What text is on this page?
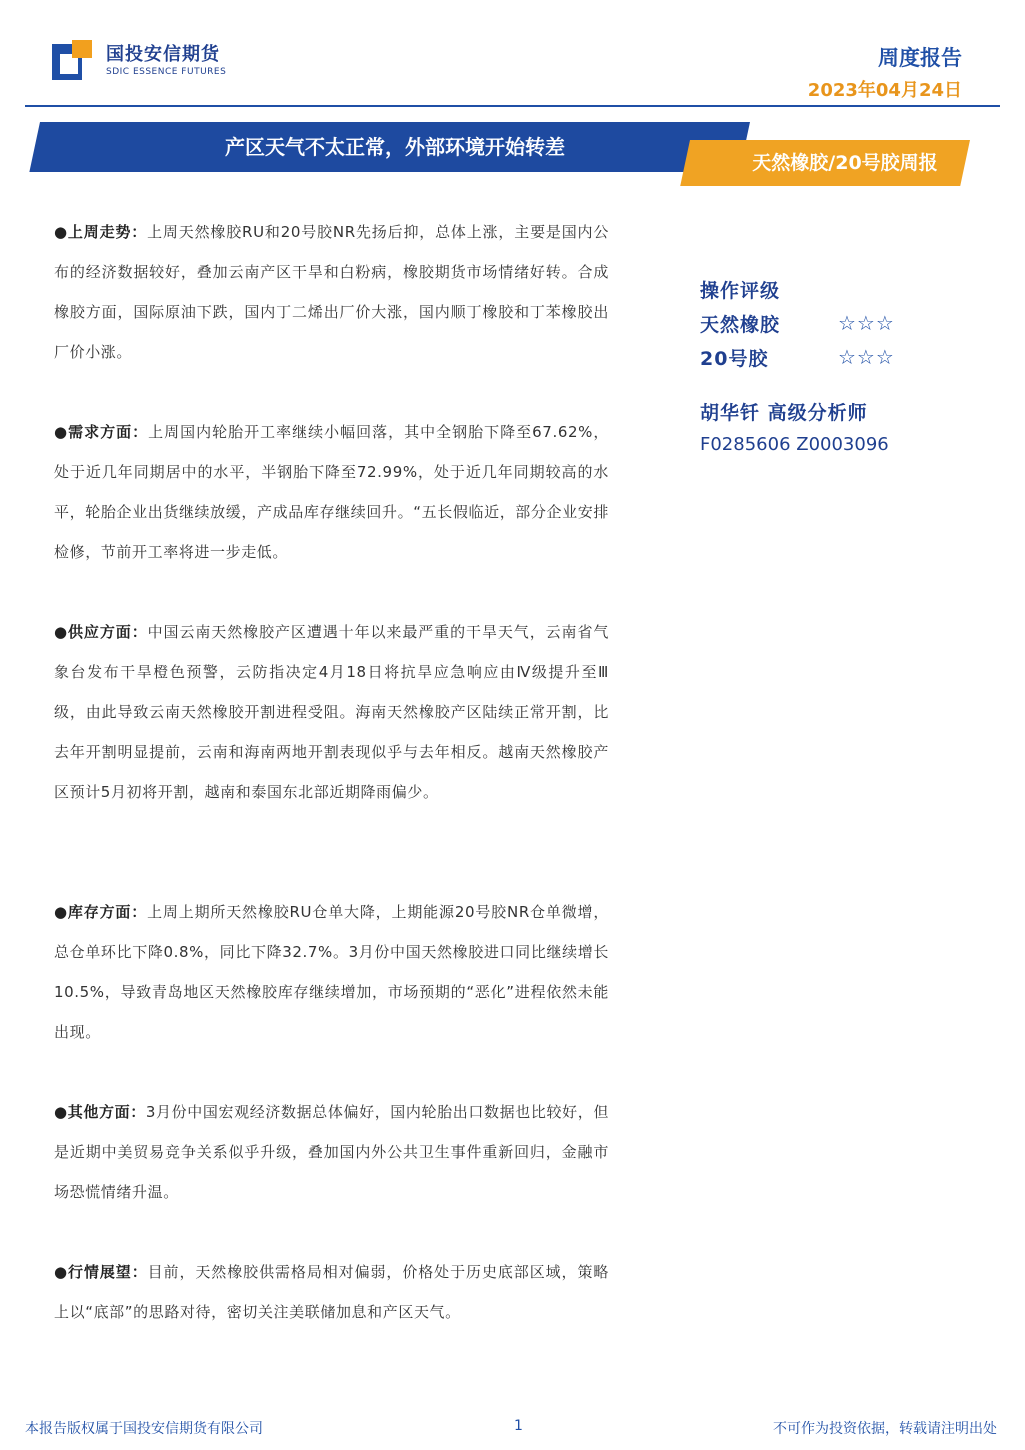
国投安信期货
SDIC ESSENCE FUTURES
周度报告
2023年04月24日
产区天气不太正常，外部环境开始转差
天然橡胶/20号胶周报
●上周走势：上周天然橡胶RU和20号胶NR先扬后抑，总体上涨，主要是国内公布的经济数据较好，叠加云南产区干旱和白粉病，橡胶期货市场情绪好转。合成橡胶方面，国际原油下跌，国内丁二烯出厂价大涨，国内顺丁橡胶和丁苯橡胶出厂价小涨。
●需求方面：上周国内轮胎开工率继续小幅回落，其中全钢胎下降至67.62%，处于近几年同期居中的水平，半钢胎下降至72.99%，处于近几年同期较高的水平，轮胎企业出货继续放缓，产成品库存继续回升。“五长假临近，部分企业安排检修，节前开工率将进一步走低。
●供应方面：中国云南天然橡胶产区遭遇十年以来最严重的干旱天气，云南省气象台发布干旱橙色预警，云防指决定4月18日将抗旱应急响应由Ⅳ级提升至Ⅲ级，由此导致云南天然橡胶开割进程受阻。海南天然橡胶产区陆续正常开割，比去年开割明显提前，云南和海南两地开割表现似乎与去年相反。越南天然橡胶产区预计5月初将开割，越南和泰国东北部近期降雨偏少。
●库存方面：上周上期所天然橡胶RU仓单大降，上期能源20号胶NR仓单微增，总仓单环比下降0.8%，同比下降32.7%。3月份中国天然橡胶进口同比继续增长10.5%，导致青岛地区天然橡胶库存继续增加，市场预期的“恶化”进程依然未能出现。
●其他方面：3月份中国宏观经济数据总体偏好，国内轮胎出口数据也比较好，但是近期中美贸易竞争关系似乎升级，叠加国内外公共卫生事件重新回归，金融市场恐慌情绪升温。
●行情展望：目前，天然橡胶供需格局相对偏弱，价格处于历史底部区域，策略上以“底部”的思路对待，密切关注美联储加息和产区天气。
操作评级
天然橡胶	☆☆☆
20号胶	☆☆☆
胡华钎 高级分析师
F0285606 Z0003096
本报告版权属于国投安信期货有限公司	1	不可作为投资依据，转载请注明出处
